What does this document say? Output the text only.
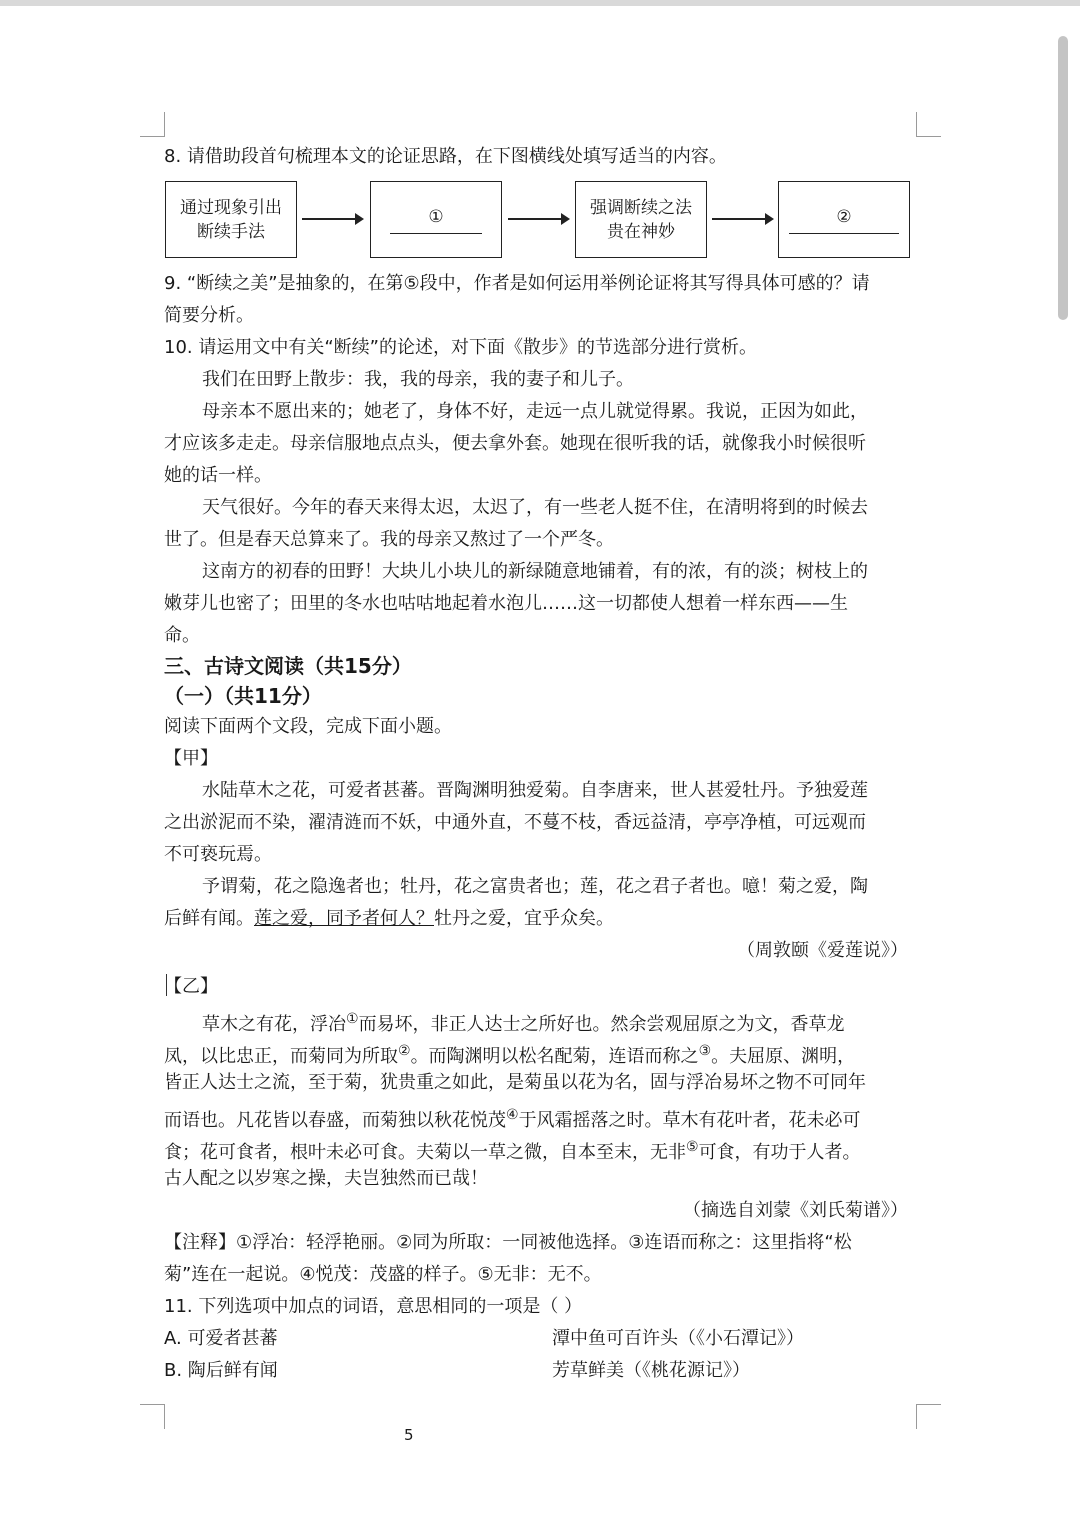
8. 请借助段首句梳理本文的论证思路，在下图横线处填写适当的内容。
通过现象引出
断续手法
①	强调断续之法
贵在神妙
②
9. “断续之美”是抽象的，在第⑤段中，作者是如何运用举例论证将其写得具体可感的？请
简要分析。
10. 请运用文中有关“断续”的论述，对下面《散步》的节选部分进行赏析。
我们在田野上散步：我，我的母亲，我的妻子和儿子。
母亲本不愿出来的；她老了，身体不好，走远一点儿就觉得累。我说，正因为如此，
才应该多走走。母亲信服地点点头，便去拿外套。她现在很听我的话，就像我小时候很听
她的话一样。
天气很好。今年的春天来得太迟，太迟了，有一些老人挺不住，在清明将到的时候去
世了。但是春天总算来了。我的母亲又熬过了一个严冬。
这南方的初春的田野！大块儿小块儿的新绿随意地铺着，有的浓，有的淡；树枝上的
嫩芽儿也密了；田里的冬水也咕咕地起着水泡儿……这一切都使人想着一样东西——生
命。
三、古诗文阅读（共15分）
（一）（共11分）
阅读下面两个文段，完成下面小题。
【甲】
水陆草木之花，可爱者甚蕃。晋陶渊明独爱菊。自李唐来，世人甚爱牡丹。予独爱莲
之出淤泥而不染，濯清涟而不妖，中通外直，不蔓不枝，香远益清，亭亭净植，可远观而
不可亵玩焉。
予谓菊，花之隐逸者也；牡丹，花之富贵者也；莲，花之君子者也。噫！菊之爱，陶
后鲜有闻。莲之爱，同予者何人？牡丹之爱，宜乎众矣。
（周敦颐《爱莲说》）
【乙】
草木之有花，浮冶①而易坏，非正人达士之所好也。然余尝观屈原之为文，香草龙
凤，以比忠正，而菊同为所取②。而陶渊明以松名配菊，连语而称之③。夫屈原、渊明，
皆正人达士之流，至于菊，犹贵重之如此，是菊虽以花为名，固与浮冶易坏之物不可同年
而语也。凡花皆以春盛，而菊独以秋花悦茂④于风霜摇落之时。草木有花叶者，花未必可
食；花可食者，根叶未必可食。夫菊以一草之微，自本至末，无非⑤可食，有功于人者。
古人配之以岁寒之操，夫岂独然而已哉！
（摘选自刘蒙《刘氏菊谱》）
【注释】①浮冶：轻浮艳丽。②同为所取：一同被他选择。③连语而称之：这里指将“松
菊”连在一起说。④悦茂：茂盛的样子。⑤无非：无不。
11. 下列选项中加点的词语，意思相同的一项是（ ）
A. 可爱者甚蕃	潭中鱼可百许头（《小石潭记》）
B. 陶后鲜有闻	芳草鲜美（《桃花源记》）
5
